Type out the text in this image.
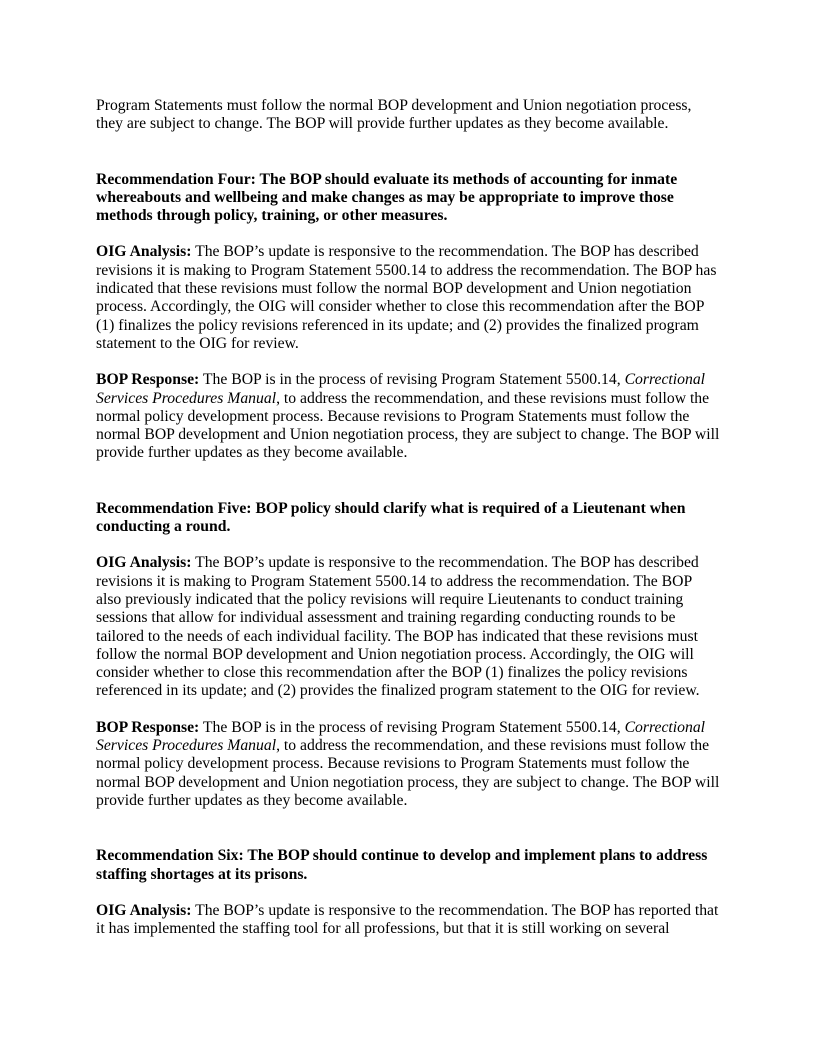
Program Statements must follow the normal BOP development and Union negotiation process, they are subject to change. The BOP will provide further updates as they become available.

Recommendation Four: The BOP should evaluate its methods of accounting for inmate whereabouts and wellbeing and make changes as may be appropriate to improve those methods through policy, training, or other measures.

OIG Analysis: The BOP’s update is responsive to the recommendation. The BOP has described revisions it is making to Program Statement 5500.14 to address the recommendation. The BOP has indicated that these revisions must follow the normal BOP development and Union negotiation process. Accordingly, the OIG will consider whether to close this recommendation after the BOP (1) finalizes the policy revisions referenced in its update; and (2) provides the finalized program statement to the OIG for review.

BOP Response: The BOP is in the process of revising Program Statement 5500.14, Correctional Services Procedures Manual, to address the recommendation, and these revisions must follow the normal policy development process. Because revisions to Program Statements must follow the normal BOP development and Union negotiation process, they are subject to change. The BOP will provide further updates as they become available.

Recommendation Five: BOP policy should clarify what is required of a Lieutenant when conducting a round.

OIG Analysis: The BOP’s update is responsive to the recommendation. The BOP has described revisions it is making to Program Statement 5500.14 to address the recommendation. The BOP also previously indicated that the policy revisions will require Lieutenants to conduct training sessions that allow for individual assessment and training regarding conducting rounds to be tailored to the needs of each individual facility. The BOP has indicated that these revisions must follow the normal BOP development and Union negotiation process. Accordingly, the OIG will consider whether to close this recommendation after the BOP (1) finalizes the policy revisions referenced in its update; and (2) provides the finalized program statement to the OIG for review.

BOP Response: The BOP is in the process of revising Program Statement 5500.14, Correctional Services Procedures Manual, to address the recommendation, and these revisions must follow the normal policy development process. Because revisions to Program Statements must follow the normal BOP development and Union negotiation process, they are subject to change. The BOP will provide further updates as they become available.

Recommendation Six: The BOP should continue to develop and implement plans to address staffing shortages at its prisons.

OIG Analysis: The BOP’s update is responsive to the recommendation. The BOP has reported that it has implemented the staffing tool for all professions, but that it is still working on several
